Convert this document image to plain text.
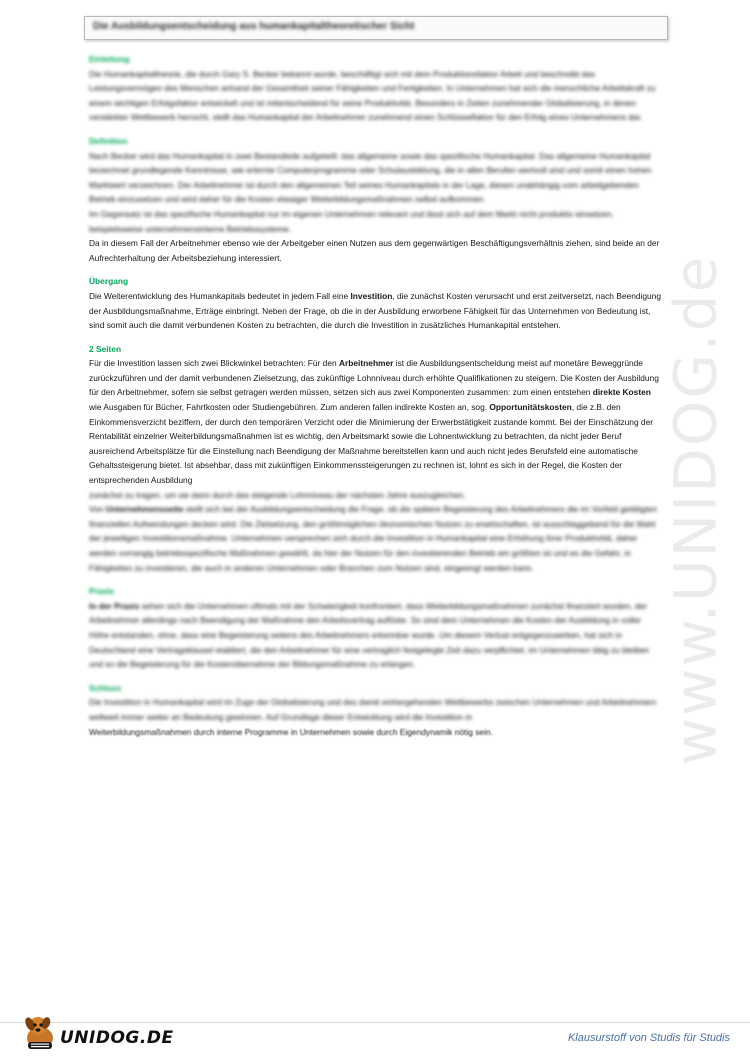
Die Ausbildungsentscheidung aus humankapitaltheoretischer Sicht
www.UNIDOG.de

Einleitung

Die Humankapitaltheorie, die durch Gary S. Becker bekannt wurde, beschäftigt sich mit dem Produktionsfaktor Arbeit und beschreibt das Leistungsvermögen des Menschen anhand der Gesamtheit seiner Fähigkeiten und Fertigkeiten. In Unternehmen hat sich die menschliche Arbeitskraft zu einem wichtigen Erfolgsfaktor entwickelt und ist mitentscheidend für seine Produktivität. Besonders in Zeiten zunehmender Globalisierung, in denen verstärkter Wettbewerb herrscht, stellt das Humankapital der Arbeitnehmer zunehmend einen Schlüsselfaktor für den Erfolg eines Unternehmens dar.

Definition

Nach Becker wird das Humankapital in zwei Bestandteile aufgeteilt: das allgemeine sowie das spezifische Humankapital. Das allgemeine Humankapital bezeichnet grundlegende Kenntnisse, wie erlernte Computerprogramme oder Schulausbildung, die in allen Berufen wertvoll sind und somit einen hohen Marktwert verzeichnen. Der Arbeitnehmer ist durch den allgemeinen Teil seines Humankapitals in der Lage, diesen unabhängig vom arbeitgebenden Betrieb einzusetzen und wird daher für die Kosten etwaiger Weiterbildungsmaßnahmen selbst aufkommen.

Im Gegensatz ist das spezifische Humankapital nur im eigenen Unternehmen relevant und lässt sich auf dem Markt nicht produktiv einsetzen, beispielsweise unternehmensinterne Betriebssysteme.

Da in diesem Fall der Arbeitnehmer ebenso wie der Arbeitgeber einen Nutzen aus dem gegenwärtigen Beschäftigungsverhältnis ziehen, sind beide an der Aufrechterhaltung der Arbeitsbeziehung interessiert.

Übergang

Die Weiterentwicklung des Humankapitals bedeutet in jedem Fall eine Investition, die zunächst Kosten verursacht und erst zeitversetzt, nach Beendigung der Ausbildungsmaßnahme, Erträge einbringt. Neben der Frage, ob die in der Ausbildung erworbene Fähigkeit für das Unternehmen von Bedeutung ist, sind somit auch die damit verbundenen Kosten zu betrachten, die durch die Investition in zusätzliches Humankapital entstehen.

2 Seiten

Für die Investition lassen sich zwei Blickwinkel betrachten: Für den Arbeitnehmer ist die Ausbildungsentscheidung meist auf monetäre Beweggründe zurückzuführen und der damit verbundenen Zielsetzung, das zukünftige Lohnniveau durch erhöhte Qualifikationen zu steigern. Die Kosten der Ausbildung für den Arbeitnehmer, sofern sie selbst getragen werden müssen, setzen sich aus zwei Komponenten zusammen: zum einen entstehen direkte Kosten wie Ausgaben für Bücher, Fahrtkosten oder Studiengebühren. Zum anderen fallen indirekte Kosten an, sog. Opportunitätskosten, die z.B. den Einkommensverzicht beziffern, der durch den temporären Verzicht oder die Minimierung der Erwerbstätigkeit zustande kommt. Bei der Einschätzung der Rentabilität einzelner Weiterbildungsmaßnahmen ist es wichtig, den Arbeitsmarkt sowie die Lohnentwicklung zu betrachten, da nicht jeder Beruf ausreichend Arbeitsplätze für die Einstellung nach Beendigung der Maßnahme bereitstellen kann und auch nicht jedes Berufsfeld eine automatische Gehaltssteigerung bietet. Ist absehbar, dass mit zukünftigen Einkommenssteigerungen zu rechnen ist, lohnt es sich in der Regel, die Kosten der entsprechenden Ausbildung

zunächst zu tragen, um sie dann durch das steigende Lohnniveau der nächsten Jahre auszugleichen.

Von Unternehmensseite stellt sich bei der Ausbildungsentscheidung die Frage, ob die spätere Begeisterung des Arbeitnehmers die im Vorfeld getätigten finanziellen Aufwendungen decken wird. Die Zielsetzung, den größtmöglichen ökonomischen Nutzen zu erwirtschaften, ist ausschlaggebend für die Wahl der jeweiligen Investitionsmaßnahme. Unternehmen versprechen sich durch die Investition in Humankapital eine Erhöhung ihrer Produktivität, daher werden vorrangig betriebsspezifische Maßnahmen gewählt, da hier der Nutzen für den investierenden Betrieb am größten ist und es die Gefahr, in Fähigkeiten zu investieren, die auch in anderen Unternehmen oder Branchen zum Nutzen sind, eingeengt werden kann.

Praxis

In der Praxis sehen sich die Unternehmen oftmals mit der Schwierigkeit konfrontiert, dass Weiterbildungsmaßnahmen zunächst finanziert wurden, der Arbeitnehmer allerdings nach Beendigung der Maßnahme den Arbeitsvertrag auflöste. So sind dem Unternehmen die Kosten der Ausbildung in voller Höhe entstanden, ohne, dass eine Begeisterung seitens des Arbeitnehmers erkennbar wurde. Um diesem Verlust entgegenzuwirken, hat sich in Deutschland eine Vertragsklausel etabliert, die den Arbeitnehmer für eine vertraglich festgelegte Zeit dazu verpflichtet, im Unternehmen tätig zu bleiben und so die Begeisterung für die Kostenübernahme der Bildungsmaßnahme zu erlangen.

Schluss

Die Investition in Humankapital wird im Zuge der Globalisierung und des damit einhergehenden Wettbewerbs zwischen Unternehmen und Arbeitnehmern weltweit immer weiter an Bedeutung gewinnen. Auf Grundlage dieser Entwicklung wird die Investition in

Weiterbildungsmaßnahmen durch interne Programme in Unternehmen sowie durch Eigendynamik nötig sein.

UNIDOG.DE	Klausurstoff von Studis für Studis
